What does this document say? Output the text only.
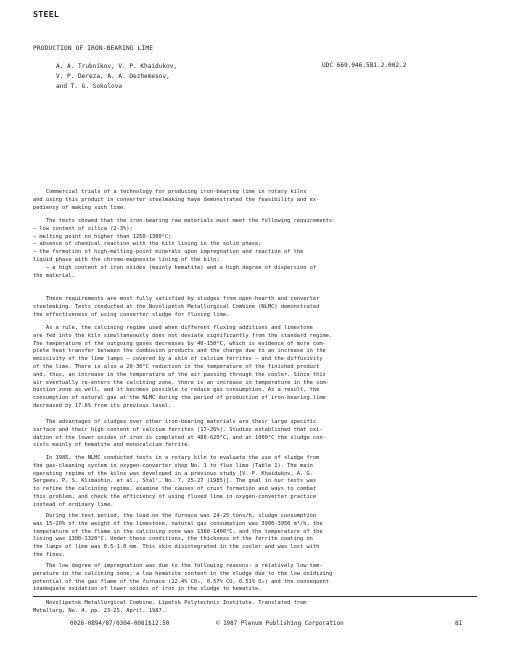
STEEL
PRODUCTION OF IRON-BEARING LIME
A. A. Trubnikov, V. P. Khaidukov,
V. P. Dereza, A. A. Dezhemesov,
and T. G. Sokolova
UDC 669.046.581.2.002.2

Commercial trials of a technology for producing iron-bearing lime in rotary kilns

and using this product in converter steelmaking have demonstrated the feasibility and ex-

pediency of making such lime.

The tests showed that the iron-bearing raw materials must meet the following requirements:

— low content of silica (2-3%);

— melting point no higher than 1250-1300°C;

— absence of chemical reaction with the kiln lining in the solid phase;

— the formation of high-melting-point minerals upon impregnation and reaction of the

liquid phase with the chrome-magnesite lining of the kiln;

— a high content of iron oxides (mainly hematite) and a high degree of dispersion of

the material.

These requirements are most fully satisfied by sludges from open-hearth and converter

steelmaking. Tests conducted at the Novolipetsk Metallurgical Combine (NLMC) demonstrated

the effectiveness of using converter sludge for fluxing lime.

As a rule, the calcining regime used when different fluxing additions and limestone

are fed into the kiln simultaneously does not deviate significantly from the standard regime.

The temperature of the outgoing gases decreases by 40-150°C, which is evidence of more com-

plete heat transfer between the combusion products and the charge due to an increase in the

emissivity of the lime lumps — covered by a skin of calcium ferrites — and the diffusivity

of the lime. There is also a 20-30°C reduction in the temperature of the finished product

and, thus, an increase in the temperature of the air passing through the cooler. Since this

air eventually re-enters the calcining zone, there is an increase in temperature in the com-

bustion zone as well, and it becomes possible to reduce gas consumption. As a result, the

consumption of natural gas at the NLMC during the period of production of iron-bearing lime

decreased by 17.6% from its previous level.

The advantages of sludges over other iron-bearing materials are their large specific

surface and their high content of calcium ferrites (17-26%). Studies established that oxi-

dation of the lower oxides of iron is completed at 480-620°C, and at 1000°C the sludge con-

sists mainly of hematite and monocalcium ferrite.

In 1985, the NLMC conducted tests in a rotary kiln to evaluate the use of sludge from

the gas-cleaning system in oxygen-converter shop No. 1 to flux lime (Table 1). The main

operating regime of the kilns was developed in a previous study [V. P. Khaidukov, A. G.

Sergeev, P. S. Klimashin, et al., Stal', No. 7, 25-27 (1985)]. The goal in our tests was

to refine the calcining regime, examine the causes of crust formation and ways to combat

this problem, and check the efficiency of using fluxed lime in oxygen-converter practice

instead of ordinary lime.

During the test period, the load on the furnace was 24-25 tons/h, sludge consumption

was 15-20% of the weight of the limestone, natural gas consumption was 3900-3950 m³/h, the

temperature of the flame in the calcining zone was 1380-1400°C, and the temperature of the

lining was 1300-1320°C. Under these conditions, the thickness of the ferrite coating on

the lumps of lime was 0.5-1.0 mm. This skin disintegrated in the cooler and was lost with

the fines.

The low degree of impregnation was due to the following reasons: a relatively low tem-

perature in the calcining zone; a low hematite content in the sludge due to the low oxidizing

potential of the gas flame of the furnace (22.4% CO₂, 0.57% CO, 0.51% O₂) and the consequent

inadequate oxidation of lower oxides of iron in the sludge to hematite.

Novolipetsk Metallurgical Combine. Lipetsk Polytechnic Institute. Translated from

Metallurg, No. 4, pp. 23-25, April, 1987.

0026-0894/87/0304-0081$12.50	© 1987 Plenum Publishing Corporation	81
